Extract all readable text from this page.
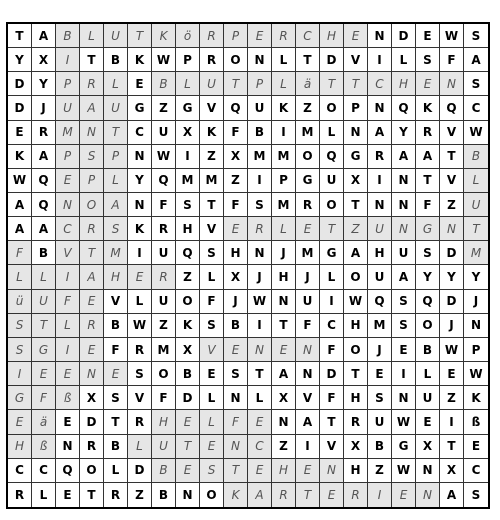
T	A	B	L	U	T	K	ö	R	P	E	R	C	H	E	N	D	E	W	S
Y	X	I	T	B	K	W	P	R	O	N	L	T	D	V	I	L	S	F	A
D	Y	P	R	L	E	B	L	U	T	P	L	ä	T	T	C	H	E	N	S
D	J	U	A	U	G	Z	G	V	Q	U	K	Z	O	P	N	Q	K	Q	C
E	R	M	N	T	C	U	X	K	F	B	I	M	L	N	A	Y	R	V	W
K	A	P	S	P	N	W	I	Z	X	M	M	O	Q	G	R	A	A	T	B
W	Q	E	P	L	Y	Q	M	M	Z	I	P	G	U	X	I	N	T	V	L
A	Q	N	O	A	N	F	S	T	F	S	M	R	O	T	N	N	F	Z	U
A	A	C	R	S	K	R	H	V	E	R	L	E	T	Z	U	N	G	N	T
F	B	V	T	M	I	U	Q	S	H	N	J	M	G	A	H	U	S	D	M
L	L	I	A	H	E	R	Z	L	X	J	H	J	L	O	U	A	Y	Y	Y
ü	U	F	E	V	L	U	O	F	J	W	N	U	I	W	Q	S	Q	D	J
S	T	L	R	B	W	Z	K	S	B	I	T	F	C	H	M	S	O	J	N
S	G	I	E	F	R	M	X	V	E	N	E	N	F	O	J	E	B	W	P
I	E	E	N	E	S	O	B	E	S	T	A	N	D	T	E	I	L	E	W
G	F	ß	X	S	V	F	D	L	N	L	X	V	F	H	S	N	U	Z	K
E	ä	E	D	T	R	H	E	L	F	E	N	A	T	R	U	W	E	I	ß
H	ß	N	R	B	L	U	T	E	N	C	Z	I	V	X	B	G	X	T	E
C	C	Q	O	L	D	B	E	S	T	E	H	E	N	H	Z	W	N	X	C
R	L	E	T	R	Z	B	N	O	K	A	R	T	E	R	I	E	N	A	S
